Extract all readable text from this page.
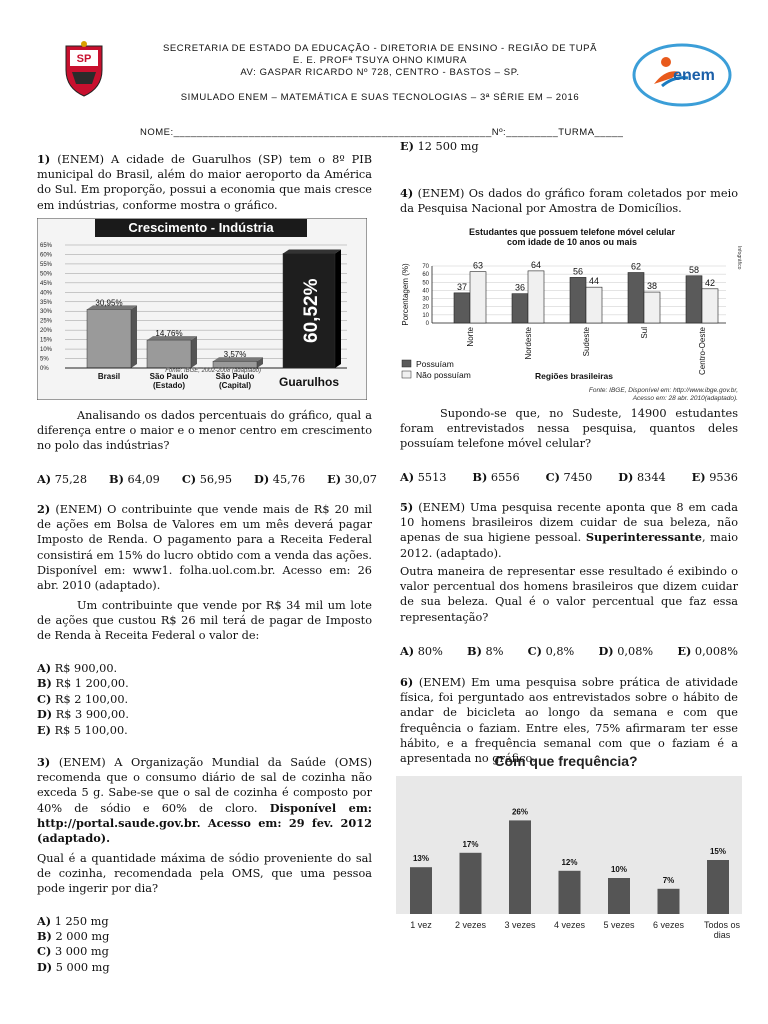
SP
SECRETARIA DE ESTADO DA EDUCAÇÃO - DIRETORIA DE ENSINO - REGIÃO DE TUPÃ
E. E. PROFª TSUYA OHNO KIMURA
AV: GASPAR RICARDO Nº 728, CENTRO - BASTOS – SP.
SIMULADO ENEM – MATEMÁTICA E SUAS TECNOLOGIAS – 3ª SÉRIE EM – 2016
enem
NOME:_______________________________________________________Nº:_________TURMA_____
1) (ENEM) A cidade de Guarulhos (SP) tem o 8º PIB municipal do Brasil, além do maior aeroporto da América do Sul. Em proporção, possui a economia que mais cresce em indústrias, conforme mostra o gráfico.
Crescimento - Indústria
0%
5%
10%
15%
20%
25%
30%
35%
40%
45%
50%
55%
60%
65%
30,95%
14,76%
3,57%
60,52%
Brasil	São Paulo
(Estado)
São Paulo
(Capital) Guarulhos
Fonte: IBGE, 2002-2008 (adaptado)
Analisando os dados percentuais do gráfico, qual a diferença entre o maior e o menor centro em crescimento no polo das indústrias?
A) 75,28 B) 64,09 C) 56,95 D) 45,76 E) 30,07
2) (ENEM) O contribuinte que vende mais de R$ 20 mil de ações em Bolsa de Valores em um mês deverá pagar Imposto de Renda. O pagamento para a Receita Federal consistirá em 15% do lucro obtido com a venda das ações. Disponível em: www1. folha.uol.com.br. Acesso em: 26 abr. 2010 (adaptado).
Um contribuinte que vende por R$ 34 mil um lote de ações que custou R$ 26 mil terá de pagar de Imposto de Renda à Receita Federal o valor de:
A) R$ 900,00.
B) R$ 1 200,00.
C) R$ 2 100,00.
D) R$ 3 900,00.
E) R$ 5 100,00.
3) (ENEM) A Organização Mundial da Saúde (OMS) recomenda que o consumo diário de sal de cozinha não exceda 5 g. Sabe-se que o sal de cozinha é composto por 40% de sódio e 60% de cloro. Disponível em: http://portal.saude.gov.br. Acesso em: 29 fev. 2012 (adaptado).
Qual é a quantidade máxima de sódio proveniente do sal de cozinha, recomendada pela OMS, que uma pessoa pode ingerir por dia?
A) 1 250 mg
B) 2 000 mg
C) 3 000 mg
D) 5 000 mg
E) 12 500 mg
4) (ENEM) Os dados do gráfico foram coletados por meio da Pesquisa Nacional por Amostra de Domicílios.
Estudantes que possuem telefone móvel celular
com idade de 10 anos ou mais
Infográfico
Porcentagem (%)	0
10
20
30
40
50
60
70
37
63
Norte
36
64
Nordeste
56
44
Sudeste
62
38
Sul
58
42
Centro-Oeste
Possuíam
Não possuíam	Regiões brasileiras
Fonte: IBGE, Disponível em: http://www.ibge.gov.br,
Acesso em: 28 abr. 2010(adaptado).
Supondo-se que, no Sudeste, 14900 estudantes foram entrevistados nessa pesquisa, quantos deles possuíam telefone móvel celular?
A) 5513 B) 6556 C) 7450 D) 8344 E) 9536
5) (ENEM) Uma pesquisa recente aponta que 8 em cada 10 homens brasileiros dizem cuidar de sua beleza, não apenas de sua higiene pessoal. Superinteressante, maio 2012. (adaptado).
Outra maneira de representar esse resultado é exibindo o valor percentual dos homens brasileiros que dizem cuidar de sua beleza. Qual é o valor percentual que faz essa representação?
A) 80% B) 8% C) 0,8% D) 0,08% E) 0,008%
6) (ENEM) Em uma pesquisa sobre prática de atividade física, foi perguntado aos entrevistados sobre o hábito de andar de bicicleta ao longo da semana e com que frequência o faziam. Entre eles, 75% afirmaram ter esse hábito, e a frequência semanal com que o faziam é a apresentada no gráfico.
Com que frequência?
13%
1 vez
17%
2 vezes
26%
3 vezes
12%
4 vezes
10%
5 vezes
7%
6 vezes
15%
Todos os
dias
